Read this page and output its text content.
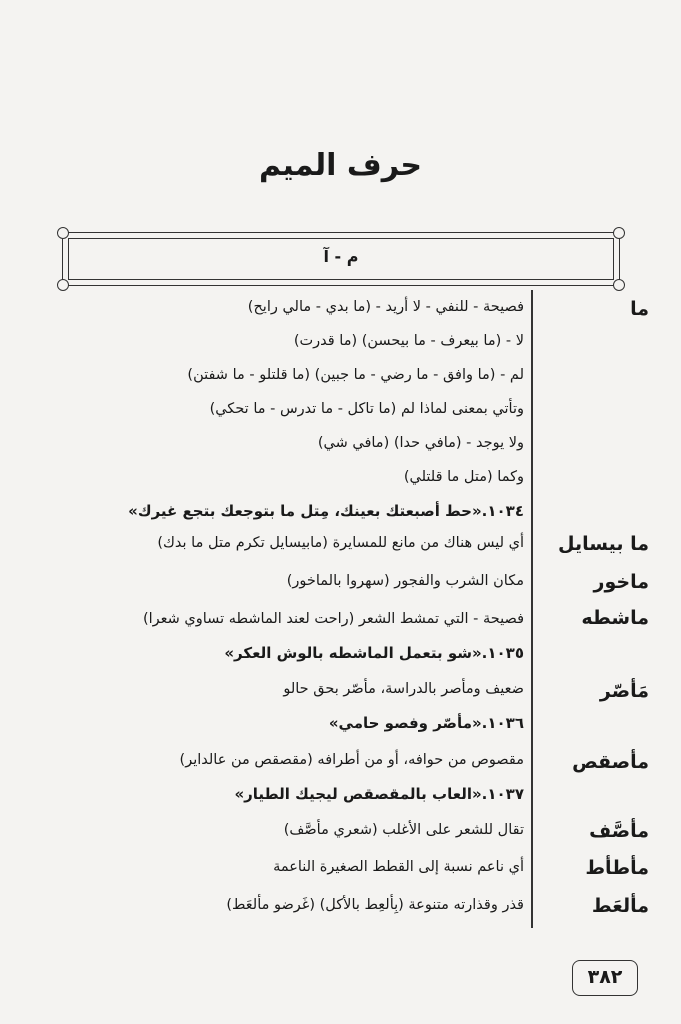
حرف الميم
م - آ
ما
فصيحة - للنفي - لا أريد - (ما بدي - مالي رايح)
لا - (ما بيعرف - ما بيحسن) (ما قدرت)
لم - (ما وافق - ما رضي - ما جبين) (ما قلتلو - ما شفتن)
وتأتي بمعنى لماذا لم (ما تاكل - ما تدرس - ما تحكي)
ولا يوجد - (مافي حدا) (مافي شي)
وكما (متل ما قلتلي)
١٠٣٤.«حط أصبعتك بعينك، مِتل ما بتوجعك بتجع غيرك»
ما بيسايل
أي ليس هناك من مانع للمسايرة (مابيسايل تكرم متل ما بدك)
ماخور
مكان الشرب والفجور (سهروا بالماخور)
ماشطه
فصيحة - التي تمشط الشعر (راحت لعند الماشطه تساوي شعرا)
١٠٣٥.«شو بتعمل الماشطه بالوش العكر»
مَأصّر
ضعيف ومأصر بالدراسة، مأصّر بحق حالو
١٠٣٦.«مأصّر وفصو حامي»
مأصقص
مقصوص من حوافه، أو من أطرافه (مقصقص من عالداير)
١٠٣٧.«العاب بالمقصقص ليجيك الطيار»
مأصَّف
تقال للشعر على الأغلب (شعري مأصَّف)
مأطأط
أي ناعم نسبة إلى القطط الصغيرة الناعمة
مألعَط
قذر وقذارته متنوعة (بِألعِط بالأكل) (غَرضو مألعَط)
٣٨٢
